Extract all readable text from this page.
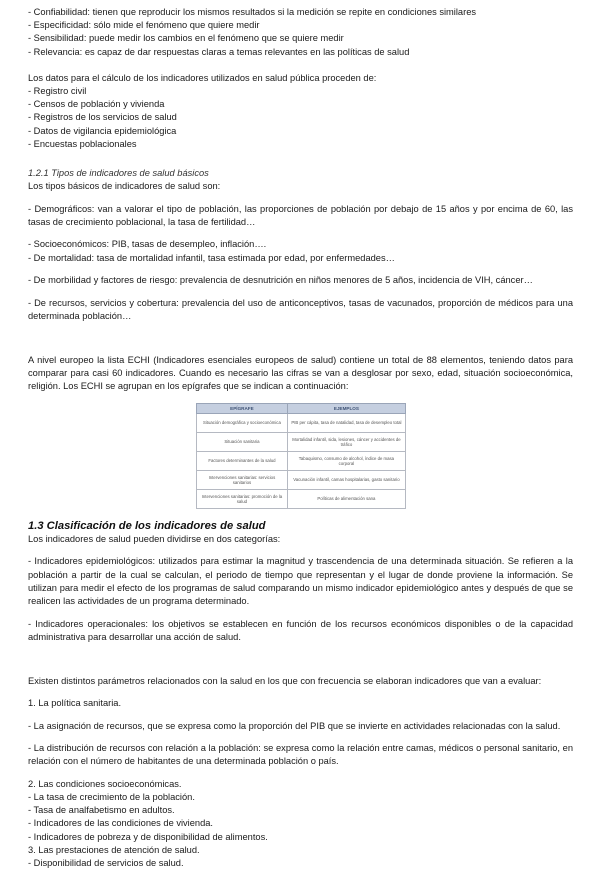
- Confiabilidad: tienen que reproducir los mismos resultados si la medición se repite en condiciones similares

- Especificidad: sólo mide el fenómeno que quiere medir

- Sensibilidad: puede medir los cambios en el fenómeno que se quiere medir

- Relevancia: es capaz de dar respuestas claras a temas relevantes en las políticas de salud

Los datos para el cálculo de los indicadores utilizados en salud pública proceden de:

- Registro civil

- Censos de población y vivienda

- Registros de los servicios de salud

- Datos de vigilancia epidemiológica

- Encuestas poblacionales

1.2.1 Tipos de indicadores de salud básicos

Los tipos básicos de indicadores de salud son:

- Demográficos: van a valorar el tipo de población, las proporciones de población por debajo de 15 años y por encima de 60, las tasas de crecimiento poblacional, la tasa de fertilidad…

- Socioeconómicos: PIB, tasas de desempleo, inflación….

- De mortalidad: tasa de mortalidad infantil, tasa estimada por edad, por enfermedades…

- De morbilidad y factores de riesgo: prevalencia de desnutrición en niños menores de 5 años, incidencia de VIH, cáncer…

- De recursos, servicios y cobertura: prevalencia del uso de anticonceptivos, tasas de vacunados, proporción de médicos para una determinada población…

A nivel europeo la lista ECHI (Indicadores esenciales europeos de salud) contiene un total de 88 elementos, teniendo datos para comparar para casi 60 indicadores. Cuando es necesario las cifras se van a desglosar por sexo, edad, situación socioeconómica, religión. Los ECHI se agrupan en los epígrafes que se indican a continuación:

EPÍGRAFE	EJEMPLOS
Situación demográfica y socioeconómica	PIB per cápita, tasa de natalidad, tasa de desempleo total
Situación sanitaria	Mortalidad infantil, sida, lesiones, cáncer y accidentes de tráfico
Factores determinantes de la salud	Tabaquismo, consumo de alcohol, índice de masa corporal
Intervenciones sanitarias: servicios sanitarios	Vacunación infantil, camas hospitalarias, gasto sanitario
Intervenciones sanitarias: promoción de la salud	Políticas de alimentación sana
1.3 Clasificación de los indicadores de salud

Los indicadores de salud pueden dividirse en dos categorías:

- Indicadores epidemiológicos: utilizados para estimar la magnitud y trascendencia de una determinada situación. Se refieren a la población a partir de la cual se calculan, el periodo de tiempo que representan y el lugar de donde proviene la información. Se utilizan para medir el efecto de los programas de salud comparando un mismo indicador epidemiológico antes y después de que se realicen las actividades de un programa determinado.

- Indicadores operacionales: los objetivos se establecen en función de los recursos económicos disponibles o de la capacidad administrativa para desarrollar una acción de salud.

Existen distintos parámetros relacionados con la salud en los que con frecuencia se elaboran indicadores que van a evaluar:

1. La política sanitaria.

- La asignación de recursos, que se expresa como la proporción del PIB que se invierte en actividades relacionadas con la salud.

- La distribución de recursos con relación a la población: se expresa como la relación entre camas, médicos o personal sanitario, en relación con el número de habitantes de una determinada población o país.

2. Las condiciones socioeconómicas.

- La tasa de crecimiento de la población.

- Tasa de analfabetismo en adultos.

- Indicadores de las condiciones de vivienda.

- Indicadores de pobreza y de disponibilidad de alimentos.

3. Las prestaciones de atención de salud.

- Disponibilidad de servicios de salud.
